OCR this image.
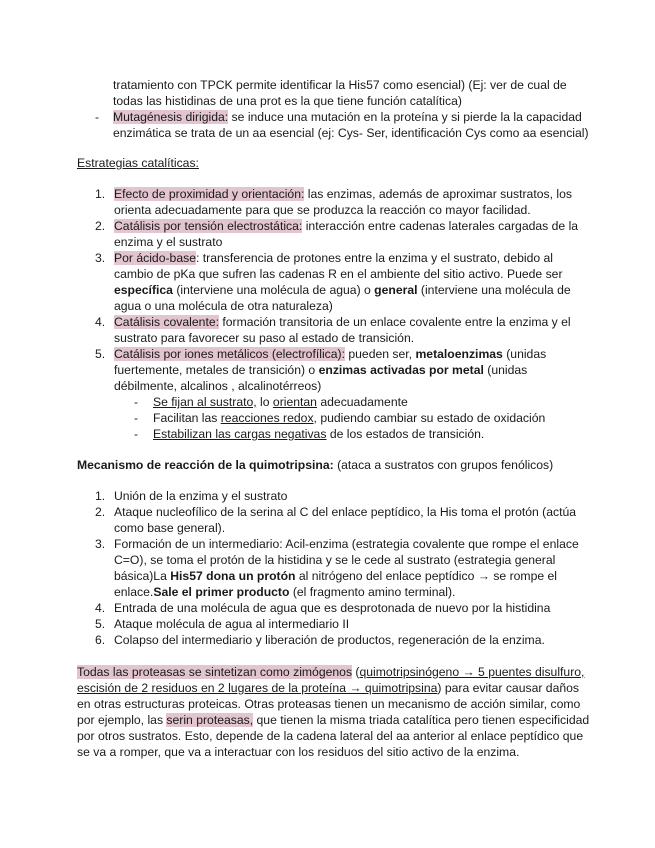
tratamiento con TPCK permite identificar la His57 como esencial) (Ej: ver de cual de
todas las histidinas de una prot es la que tiene función catalítica)
- Mutagénesis dirigida: se induce una mutación en la proteína y si pierde la la capacidad
enzimática se trata de un aa esencial (ej: Cys- Ser, identificación Cys como aa esencial)
Estrategias catalíticas:
1. Efecto de proximidad y orientación: las enzimas, además de aproximar sustratos, los
orienta adecuadamente para que se produzca la reacción co mayor facilidad.
2. Catálisis por tensión electrostática: interacción entre cadenas laterales cargadas de la
enzima y el sustrato
3. Por ácido-base: transferencia de protones entre la enzima y el sustrato, debido al
cambio de pKa que sufren las cadenas R en el ambiente del sitio activo. Puede ser
específica (interviene una molécula de agua) o general (interviene una molécula de
agua o una molécula de otra naturaleza)
4. Catálisis covalente: formación transitoria de un enlace covalente entre la enzima y el
sustrato para favorecer su paso al estado de transición.
5. Catálisis por iones metálicos (electrofílica): pueden ser, metaloenzimas (unidas
fuertemente, metales de transición) o enzimas activadas por metal (unidas
débilmente, alcalinos , alcalinotérreos)
- Se fijan al sustrato, lo orientan adecuadamente
- Facilitan las reacciones redox, pudiendo cambiar su estado de oxidación
- Estabilizan las cargas negativas de los estados de transición.
Mecanismo de reacción de la quimotripsina: (ataca a sustratos con grupos fenólicos)
1. Unión de la enzima y el sustrato
2. Ataque nucleofílico de la serina al C del enlace peptídico, la His toma el protón (actúa
como base general).
3. Formación de un intermediario: Acil-enzima (estrategia covalente que rompe el enlace
C=O), se toma el protón de la histidina y se le cede al sustrato (estrategia general
básica)La His57 dona un protón al nitrógeno del enlace peptídico → se rompe el
enlace.Sale el primer producto (el fragmento amino terminal).
4. Entrada de una molécula de agua que es desprotonada de nuevo por la histidina
5. Ataque molécula de agua al intermediario II
6. Colapso del intermediario y liberación de productos, regeneración de la enzima.
Todas las proteasas se sintetizan como zimógenos (quimotripsinógeno → 5 puentes disulfuro,
escisión de 2 residuos en 2 lugares de la proteína → quimotripsina) para evitar causar daños
en otras estructuras proteicas. Otras proteasas tienen un mecanismo de acción similar, como
por ejemplo, las serin proteasas, que tienen la misma triada catalítica pero tienen especificidad
por otros sustratos. Esto, depende de la cadena lateral del aa anterior al enlace peptídico que
se va a romper, que va a interactuar con los residuos del sitio activo de la enzima.
